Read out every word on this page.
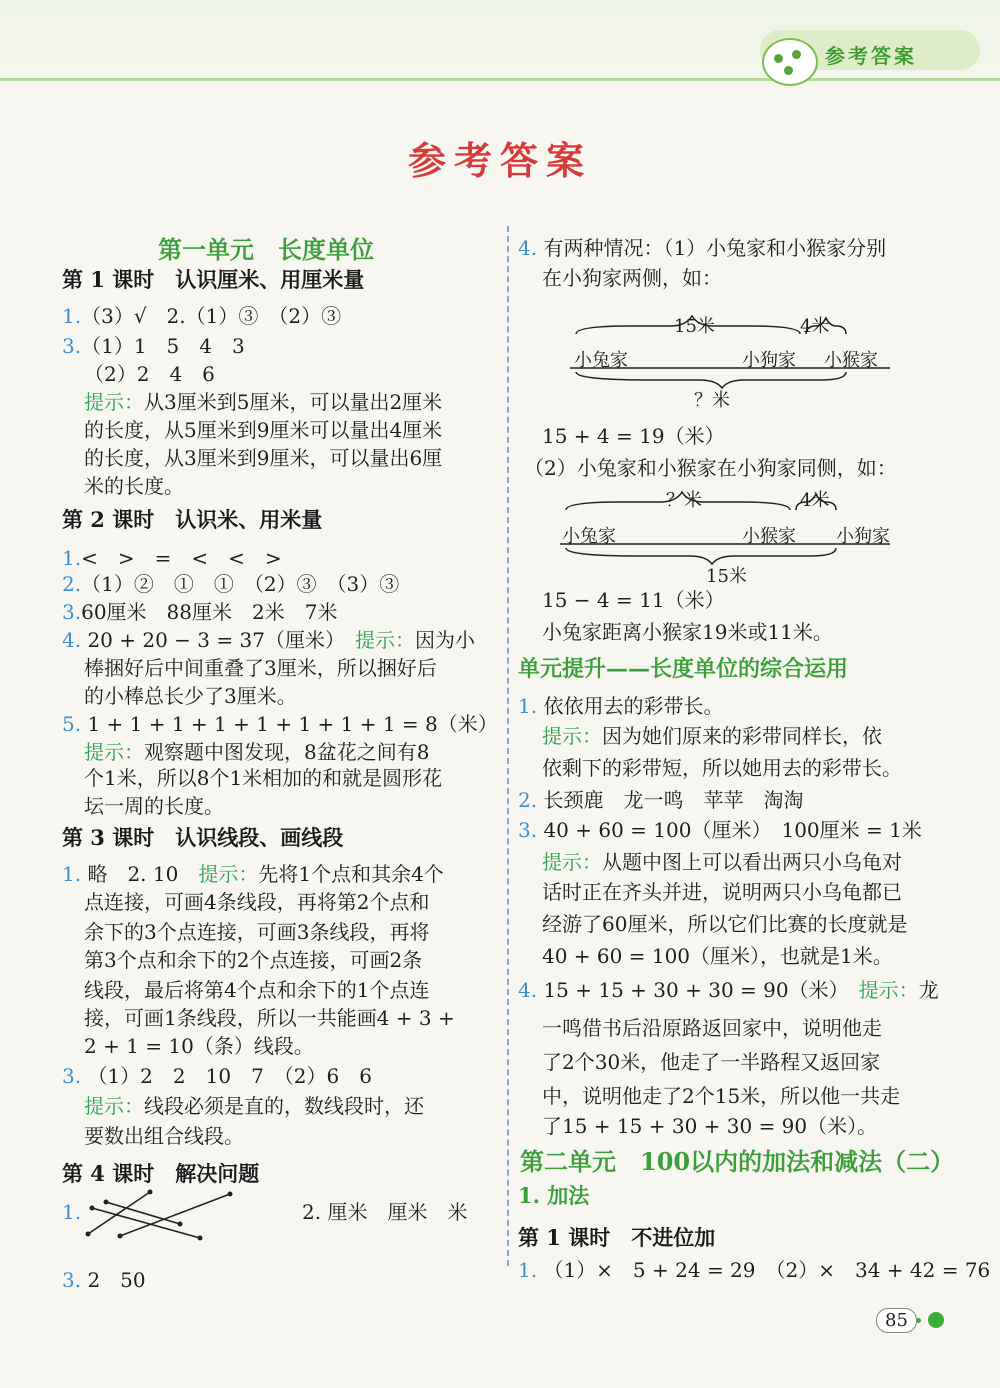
参考答案
参考答案
第一单元　长度单位
第 1 课时　认识厘米、用厘米量
1.（3）√　2.（1）③　（2）③
3.（1）1　5　4　3
（2）2　4　6
提示：从3厘米到5厘米，可以量出2厘米
的长度，从5厘米到9厘米可以量出4厘米
的长度，从3厘米到9厘米，可以量出6厘
米的长度。
第 2 课时　认识米、用米量
1.<　>　=　<　<　>
2.（1）②　①　①　（2）③　（3）③
3.60厘米　88厘米　2米　7米
4. 20 + 20 − 3 = 37（厘米）　 提示：因为小
棒捆好后中间重叠了3厘米，所以捆好后
的小棒总长少了3厘米。
5. 1 + 1 + 1 + 1 + 1 + 1 + 1 + 1 = 8（米）
提示：观察题中图发现，8盆花之间有8
个1米，所以8个1米相加的和就是圆形花
坛一周的长度。
第 3 课时　认识线段、画线段
1. 略　2. 10　 提示：先将1个点和其余4个
点连接，可画4条线段，再将第2个点和
余下的3个点连接，可画3条线段，再将
第3个点和余下的2个点连接，可画2条
线段，最后将第4个点和余下的1个点连
接，可画1条线段，所以一共能画4 + 3 +
2 + 1 = 10（条）线段。
3. （1）2　2　10　7　（2）6　6
提示：线段必须是直的，数线段时，还
要数出组合线段。
第 4 课时　解决问题
1.	2. 厘米　厘米　米
3. 2　50
4. 有两种情况：（1）小兔家和小猴家分别
在小狗家两侧，如：
15米	4米
小兔家	小狗家 小猴家
？米
15 + 4 = 19（米）
（2）小兔家和小猴家在小狗家同侧，如：
？米	4米
小兔家	小猴家 小狗家
15米
15 − 4 = 11（米）
小兔家距离小猴家19米或11米。
单元提升——长度单位的综合运用
1. 依依用去的彩带长。
提示：因为她们原来的彩带同样长，依
依剩下的彩带短，所以她用去的彩带长。
2. 长颈鹿　龙一鸣　苹苹　淘淘
3. 40 + 60 = 100（厘米）　100厘米 = 1米
提示：从题中图上可以看出两只小乌龟对
话时正在齐头并进，说明两只小乌龟都已
经游了60厘米，所以它们比赛的长度就是
40 + 60 = 100（厘米），也就是1米。
4. 15 + 15 + 30 + 30 = 90（米）　 提示：龙
一鸣借书后沿原路返回家中，说明他走
了2个30米，他走了一半路程又返回家
中，说明他走了2个15米，所以他一共走
了15 + 15 + 30 + 30 = 90（米）。
第二单元　100以内的加法和减法（二）
1. 加法
第 1 课时　不进位加
1. （1）×　5 + 24 = 29　（2）×　34 + 42 = 76
85
